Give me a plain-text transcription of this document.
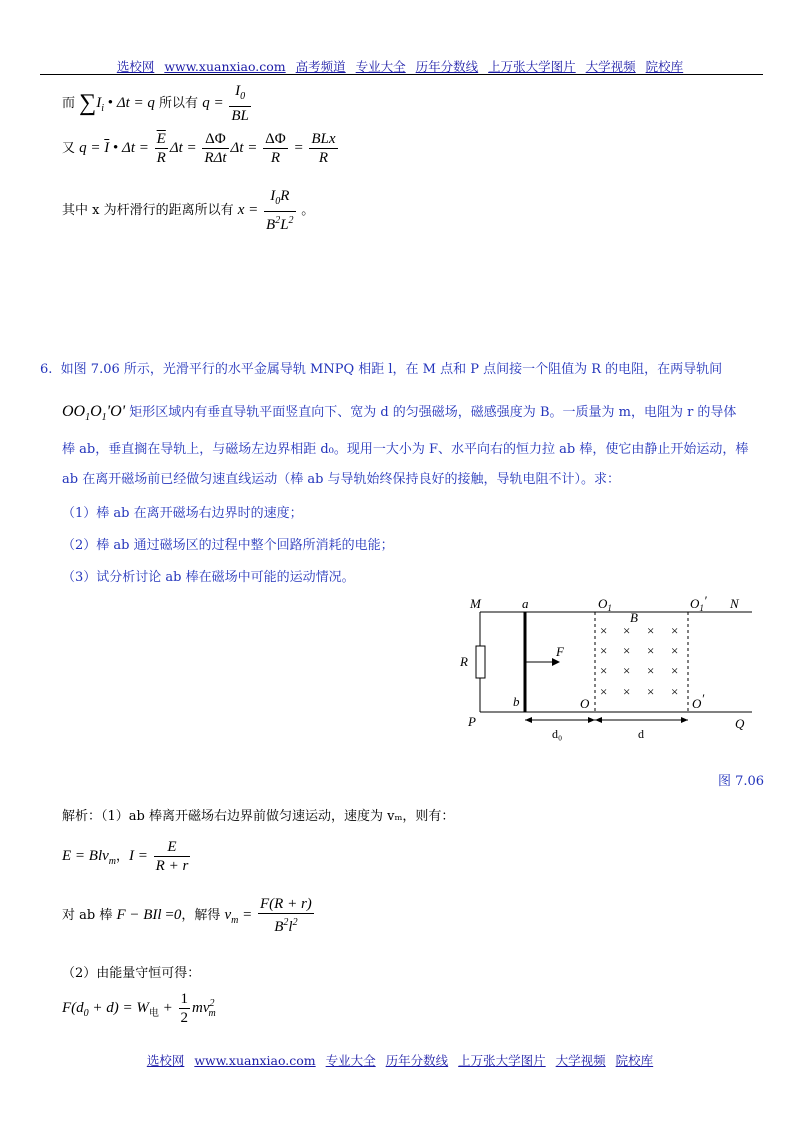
选校网 www.xuanxiao.com 高考频道 专业大全 历年分数线 上万张大学图片 大学视频 院校库
而 $\sum I_i$ • Δt = q 所以有 $q = \frac{I_0}{BL}$
又 $q = \overline{I}$ • $\Delta t = \frac{\overline{E}}{R}$ $\Delta t = \frac{\Delta\Phi}{\text{RΔt}}$ $\Delta t = \frac{\Delta\Phi}{R} = \frac{\text{BLx}}{R}$
其中 x 为杆滑行的距离所以有 $x = \frac{I_0R}{B^2L^2}$ 。
6. 如图 7.06 所示，光滑平行的水平金属导轨 MNPQ 相距 l，在 M 点和 P 点间接一个阻值为 R 的电阻，在两导轨间
$OO_1O_1'O'$ 矩形区域内有垂直导轨平面竖直向下、宽为 d 的匀强磁场，磁感强度为 B。一质量为 m，电阻为 r 的导体
棒 ab，垂直搁在导轨上，与磁场左边界相距 d₀。现用一大小为 F、水平向右的恒力拉 ab 棒，使它由静止开始运动，棒
ab 在离开磁场前已经做匀速直线运动（棒 ab 与导轨始终保持良好的接触，导轨电阻不计）。求：
（1）棒 ab 在离开磁场右边界时的速度；
（2）棒 ab 通过磁场区的过程中整个回路所消耗的电能；
（3）试分析讨论 ab 棒在磁场中可能的运动情况。
× × × ×
× × × ×
× × × ×
× × × ×
M	a	$O_1$	$O_1'$ N
R
F
b	O	O′
P	Q
B
d₀	d
图 7.06
解析：（1）ab 棒离开磁场右边界前做匀速运动，速度为 vₘ，则有：
E = Blv$_m$，$I = \frac{E}{R + r}$
对 ab 棒 F − BIl =0，解得 $v_m = \frac{F(R + r)}{B^2l^2}$
（2）由能量守恒可得：
$F(d_0 + d) = W_电 + \frac{1}{2} mv^2_m$
选校网 www.xuanxiao.com 专业大全 历年分数线 上万张大学图片 大学视频 院校库
